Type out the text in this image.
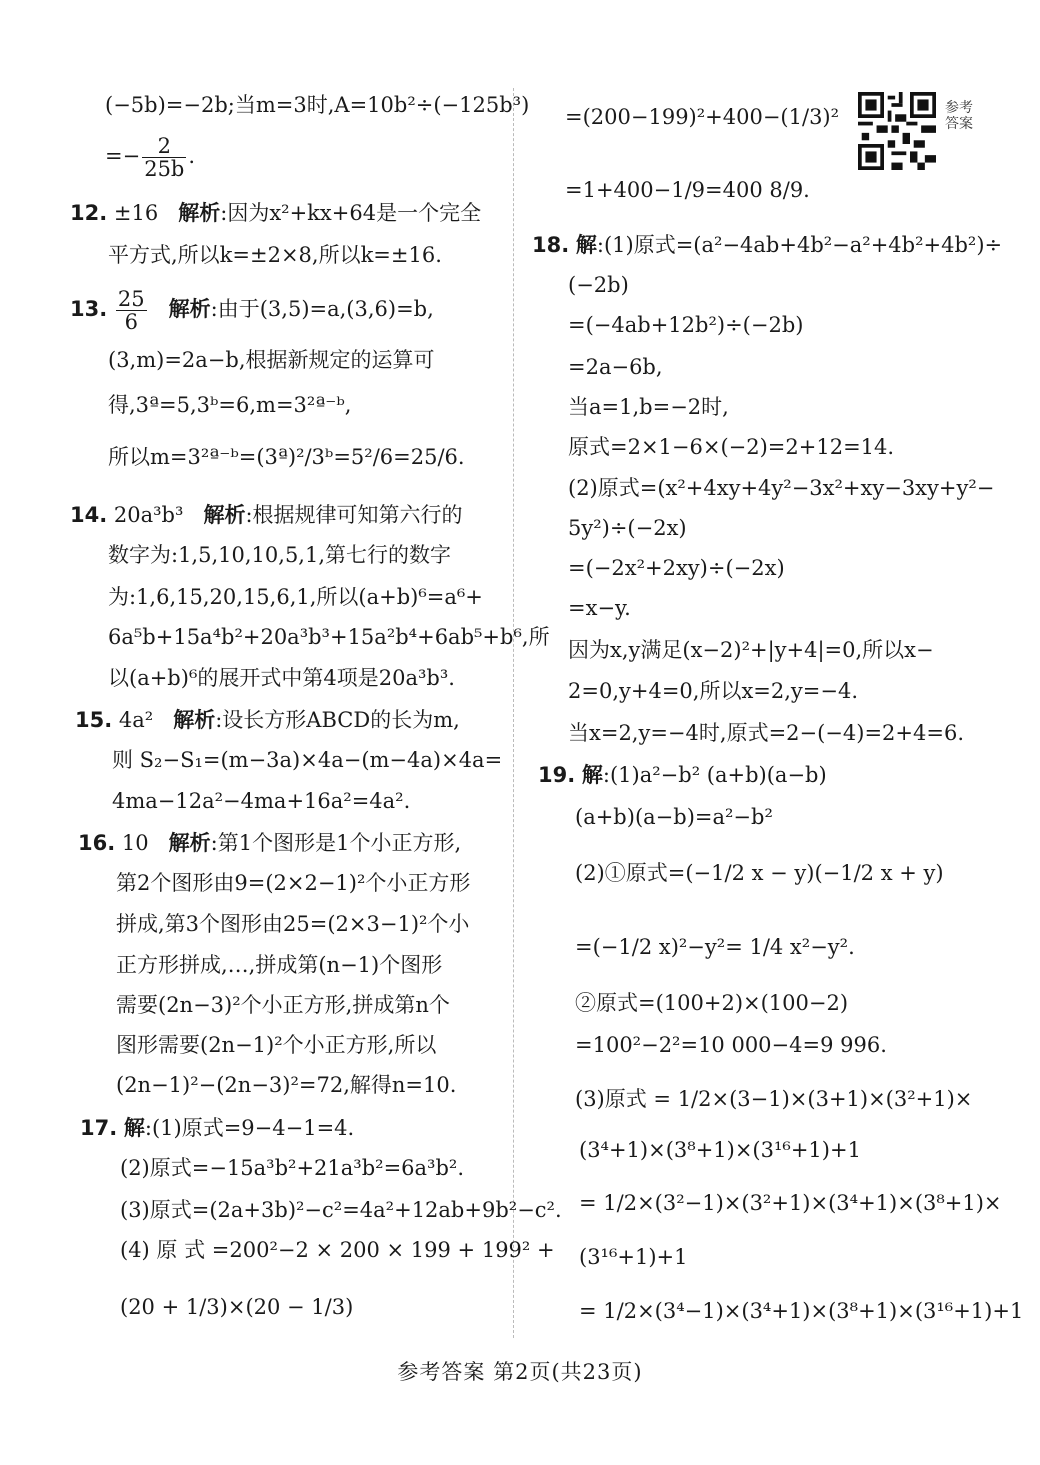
(−5b)=−2b;当m=3时,A=10b²÷(−125b³)
=− $\frac{2}{25b}$ .
12. ±16 解析:因为x²+kx+64是一个完全
平方式,所以k=±2×8,所以k=±16.
13. $\frac{25}{6}$ 解析:由于(3,5)=a,(3,6)=b,
(3,m)=2a−b,根据新规定的运算可
得,3ª=5,3ᵇ=6,m=3²ª⁻ᵇ,
所以m=3²ª⁻ᵇ=(3ª)²/3ᵇ=5²/6=25/6.
14. 20a³b³ 解析:根据规律可知第六行的
数字为:1,5,10,10,5,1,第七行的数字
为:1,6,15,20,15,6,1,所以(a+b)⁶=a⁶+
6a⁵b+15a⁴b²+20a³b³+15a²b⁴+6ab⁵+b⁶,所
以(a+b)⁶的展开式中第4项是20a³b³.
15. 4a² 解析:设长方形ABCD的长为m,
则 S₂−S₁=(m−3a)×4a−(m−4a)×4a=
4ma−12a²−4ma+16a²=4a².
16. 10 解析:第1个图形是1个小正方形,
第2个图形由9=(2×2−1)²个小正方形
拼成,第3个图形由25=(2×3−1)²个小
正方形拼成,…,拼成第(n−1)个图形
需要(2n−3)²个小正方形,拼成第n个
图形需要(2n−1)²个小正方形,所以
(2n−1)²−(2n−3)²=72,解得n=10.
17. 解:(1)原式=9−4−1=4.
(2)原式=−15a³b²+21a³b²=6a³b².
(3)原式=(2a+3b)²−c²=4a²+12ab+9b²−c².
(4) 原 式 =200²−2 × 200 × 199 + 199² +
(20 + 1/3)×(20 − 1/3)
=(200−199)²+400−(1/3)²
=1+400−1/9=400 8/9.
18. 解:(1)原式=(a²−4ab+4b²−a²+4b²+4b²)÷
(−2b)
=(−4ab+12b²)÷(−2b)
=2a−6b,
当a=1,b=−2时,
原式=2×1−6×(−2)=2+12=14.
(2)原式=(x²+4xy+4y²−3x²+xy−3xy+y²−
5y²)÷(−2x)
=(−2x²+2xy)÷(−2x)
=x−y.
因为x,y满足(x−2)²+|y+4|=0,所以x−
2=0,y+4=0,所以x=2,y=−4.
当x=2,y=−4时,原式=2−(−4)=2+4=6.
19. 解:(1)a²−b² (a+b)(a−b)
(a+b)(a−b)=a²−b²
(2)①原式=(−1/2 x − y)(−1/2 x + y)
=(−1/2 x)²−y²= 1/4 x²−y².
②原式=(100+2)×(100−2)
=100²−2²=10 000−4=9 996.
(3)原式 = 1/2×(3−1)×(3+1)×(3²+1)×
(3⁴+1)×(3⁸+1)×(3¹⁶+1)+1
= 1/2×(3²−1)×(3²+1)×(3⁴+1)×(3⁸+1)×
(3¹⁶+1)+1
= 1/2×(3⁴−1)×(3⁴+1)×(3⁸+1)×(3¹⁶+1)+1
参考答案
参考答案 第2页(共23页)
